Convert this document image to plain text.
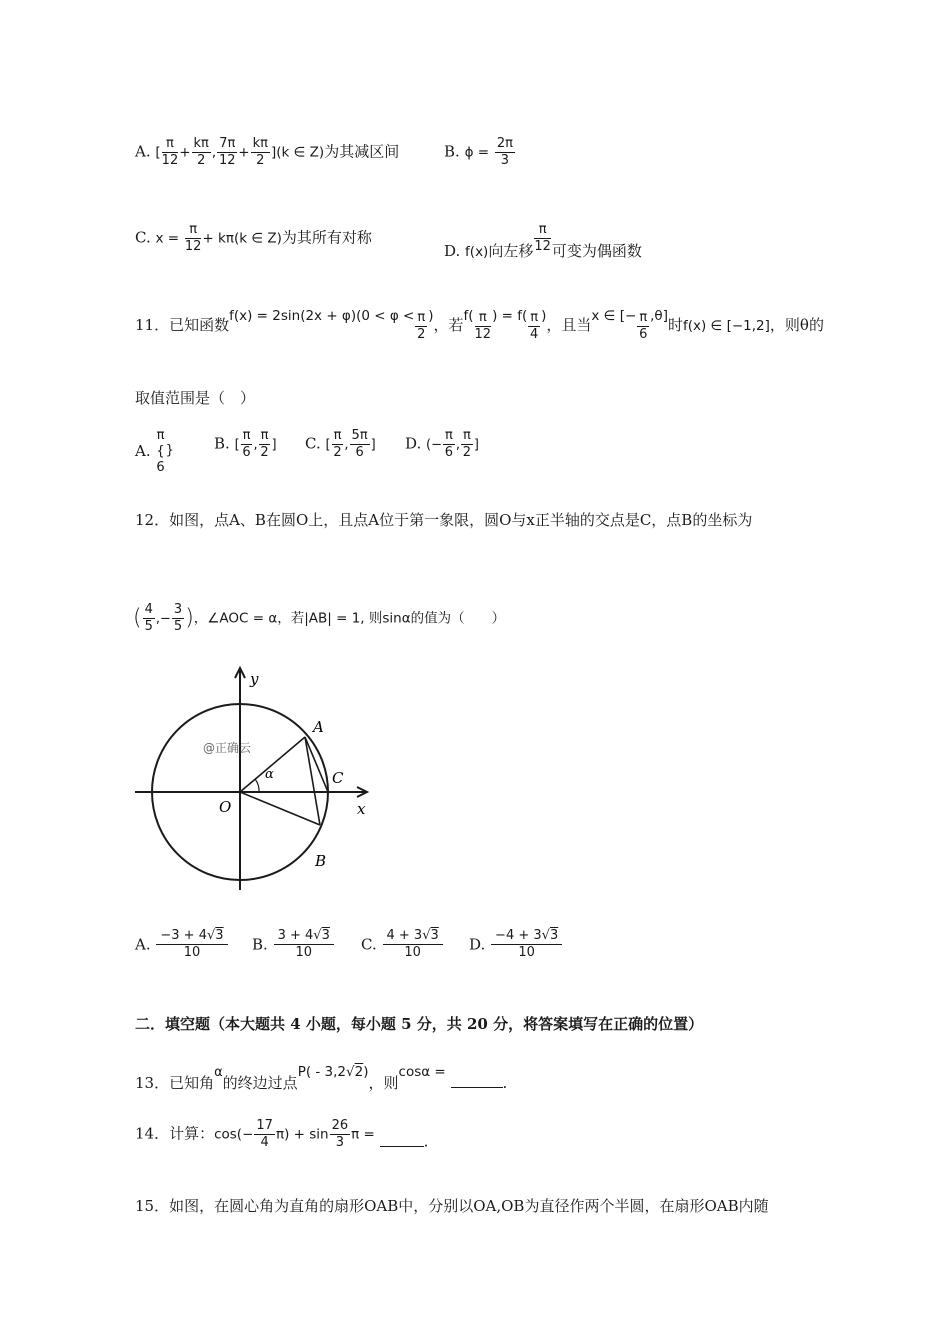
A. [ $\frac{\pi}{12} + \frac{k\pi}{2}$ , $\frac{7\pi}{12} + \frac{k\pi}{2} ](k$ ∈ Z)为其减区间	B. $\phi = \frac{2\pi}{3}$
C. $x = \frac{\pi}{12} + k\pi(k$ ∈ Z)为其所有对称
D. f(x)向左移 $\frac{\pi}{12}$ 可变为偶函数
11．已知函数$f(x) = 2\sin(2x + \varphi)(0 < \varphi < \frac{\pi}{2}$ )，若$f( \frac{\pi}{12}$ ) = $f( \frac{\pi}{4}$ )，且当x ∈ [− $\frac{\pi}{6} ,\theta$]时f(x) ∈ [−1,2]，则θ的
取值范围是（　）
A.
π
{
6
}	B. [ $\frac{\pi}{6}$ , $\frac{\pi}{2}$ ] C. [ $\frac{\pi}{2}$ , $\frac{5\pi}{6}$ ] D. (− $\frac{\pi}{6}$ , $\frac{\pi}{2}$ ]
12．如图，点A、B在圆O上，且点A位于第一象限，圆O与x正半轴的交点是C，点B的坐标为
( $\frac{4}{5}$ ,− $\frac{3}{5}$ )，∠AOC = α，若|AB| = 1, 则sinα的值为（　　）
y
x
O
A
B
C
α
@正确云
A. $\frac{-3 + 4√3}{10} B$. $\frac{3 + 4√3}{10} C$. $\frac{4 + 3√3}{10} D$. $\frac{-4 + 3√3}{10}$
二．填空题（本大题共 4 小题，每小题 5 分，共 20 分，将答案填写在正确的位置）
13．已知角α的终边过点P( - 3,2√2)，则cosα = .
14．计算：$\cos(- \frac{17}{4} \pi) + \sin \frac{26}{3}$ π =	.
15．如图，在圆心角为直角的扇形OAB中，分别以OA,OB为直径作两个半圆，在扇形OAB内随
